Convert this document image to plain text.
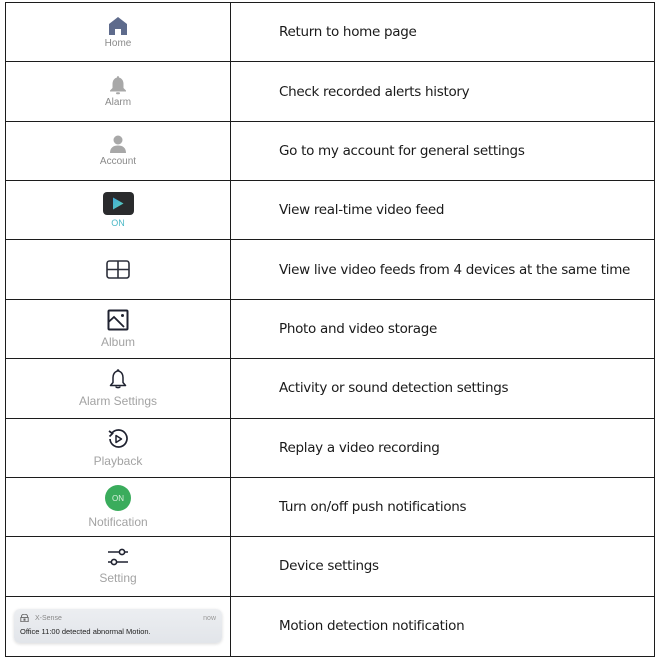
Home
Return to home page
Alarm
Check recorded alerts history
Account
Go to my account for general settings
ON
View real-time video feed
View live video feeds from 4 devices at the same time
Album
Photo and video storage
Alarm Settings
Activity or sound detection settings
Playback
Replay a video recording
ON
Notification
Turn on/off push notifications
Setting
Device settings
X-Sense	now
Office 11:00 detected abnormal Motion.	Motion detection notification
